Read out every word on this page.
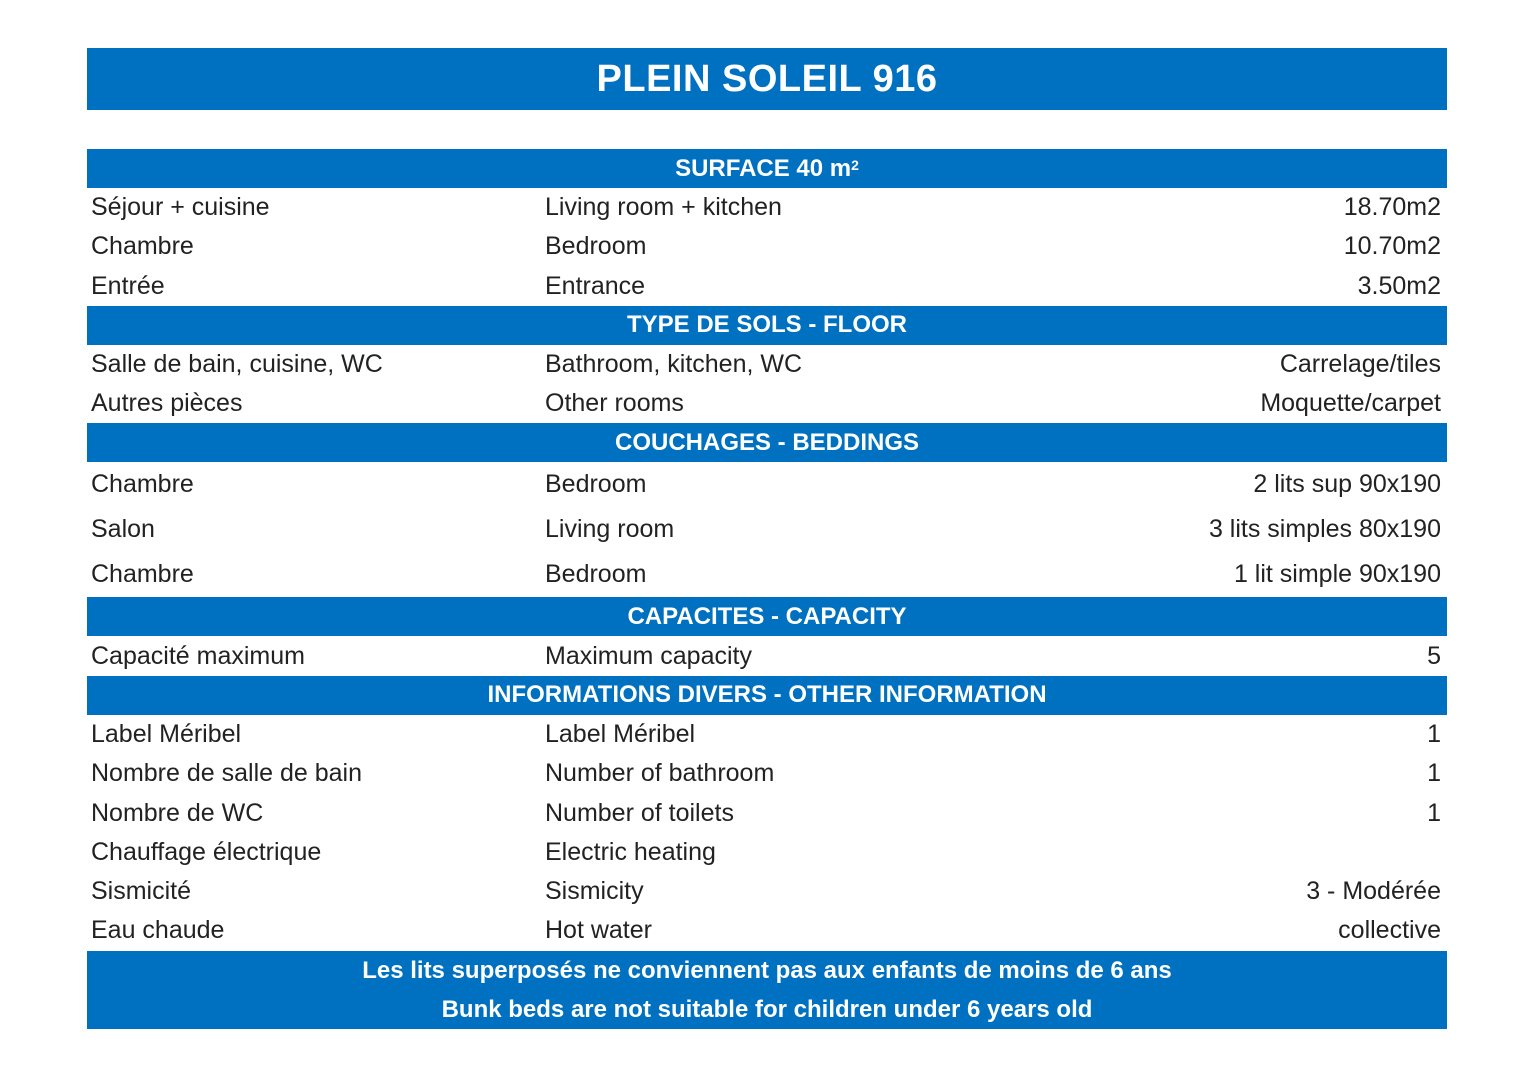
PLEIN SOLEIL 916
SURFACE 40 $m^2$
Séjour + cuisine	Living room + kitchen	18.70m2
Chambre	Bedroom	10.70m2
Entrée	Entrance	3.50m2
TYPE DE SOLS - FLOOR
Salle de bain, cuisine, WC	Bathroom, kitchen, WC	Carrelage/tiles
Autres pièces	Other rooms	Moquette/carpet
COUCHAGES - BEDDINGS
Chambre	Bedroom	2 lits sup 90x190
Salon	Living room	3 lits simples 80x190
Chambre	Bedroom	1 lit simple 90x190
CAPACITES - CAPACITY
Capacité maximum	Maximum capacity	5
INFORMATIONS DIVERS - OTHER INFORMATION
Label Méribel	Label Méribel	1
Nombre de salle de bain	Number of bathroom	1
Nombre de WC	Number of toilets	1
Chauffage électrique	Electric heating
Sismicité	Sismicity	3 - Modérée
Eau chaude	Hot water	collective
Les lits superposés ne conviennent pas aux enfants de moins de 6 ans
Bunk beds are not suitable for children under 6 years old
